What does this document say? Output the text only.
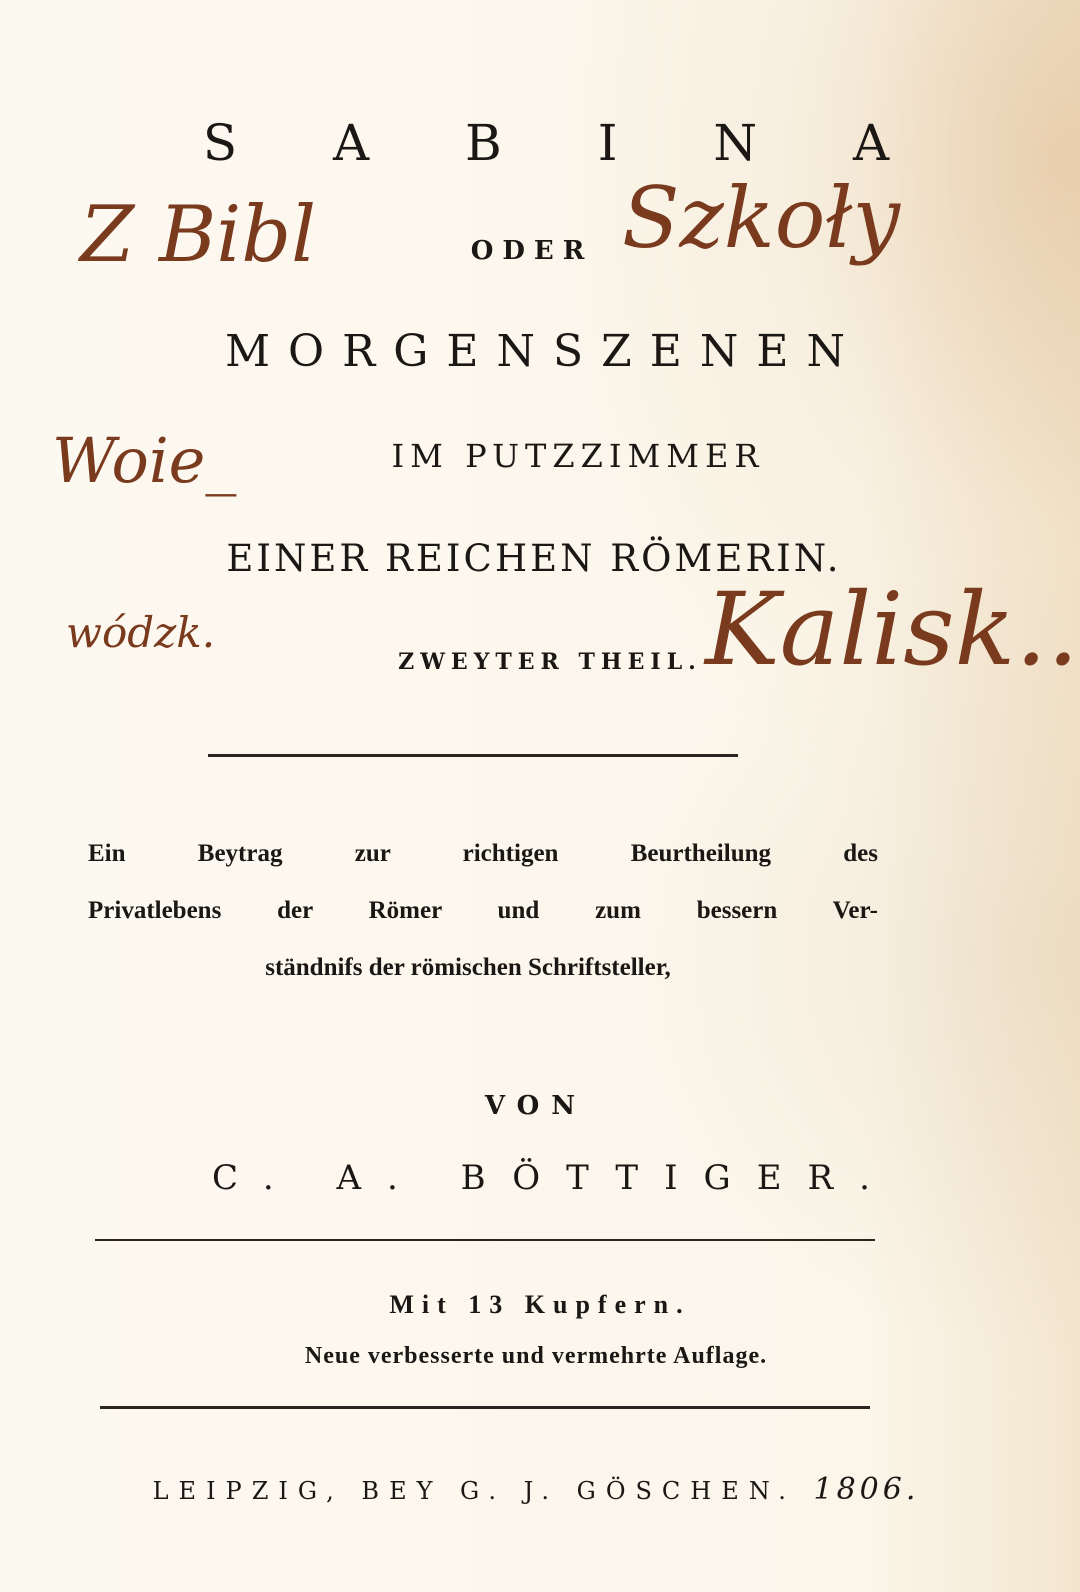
S A B I N A
ODER
MORGENSZENEN
IM PUTZZIMMER
EINER REICHEN RÖMERIN.
ZWEYTER THEIL.
Ein Beytrag zur richtigen Beurtheilung des
Privatlebens der Römer und zum bessern Ver-
ständnifs der römischen Schriftsteller,
VON
C. A. BÖTTIGER.
Mit 13 Kupfern.
Neue verbesserte und vermehrte Auflage.
LEIPZIG, BEY G. J. GÖSCHEN. 1806.
Z Bibl	Szkoły
Woie_
wódzk.	Kalisk..
